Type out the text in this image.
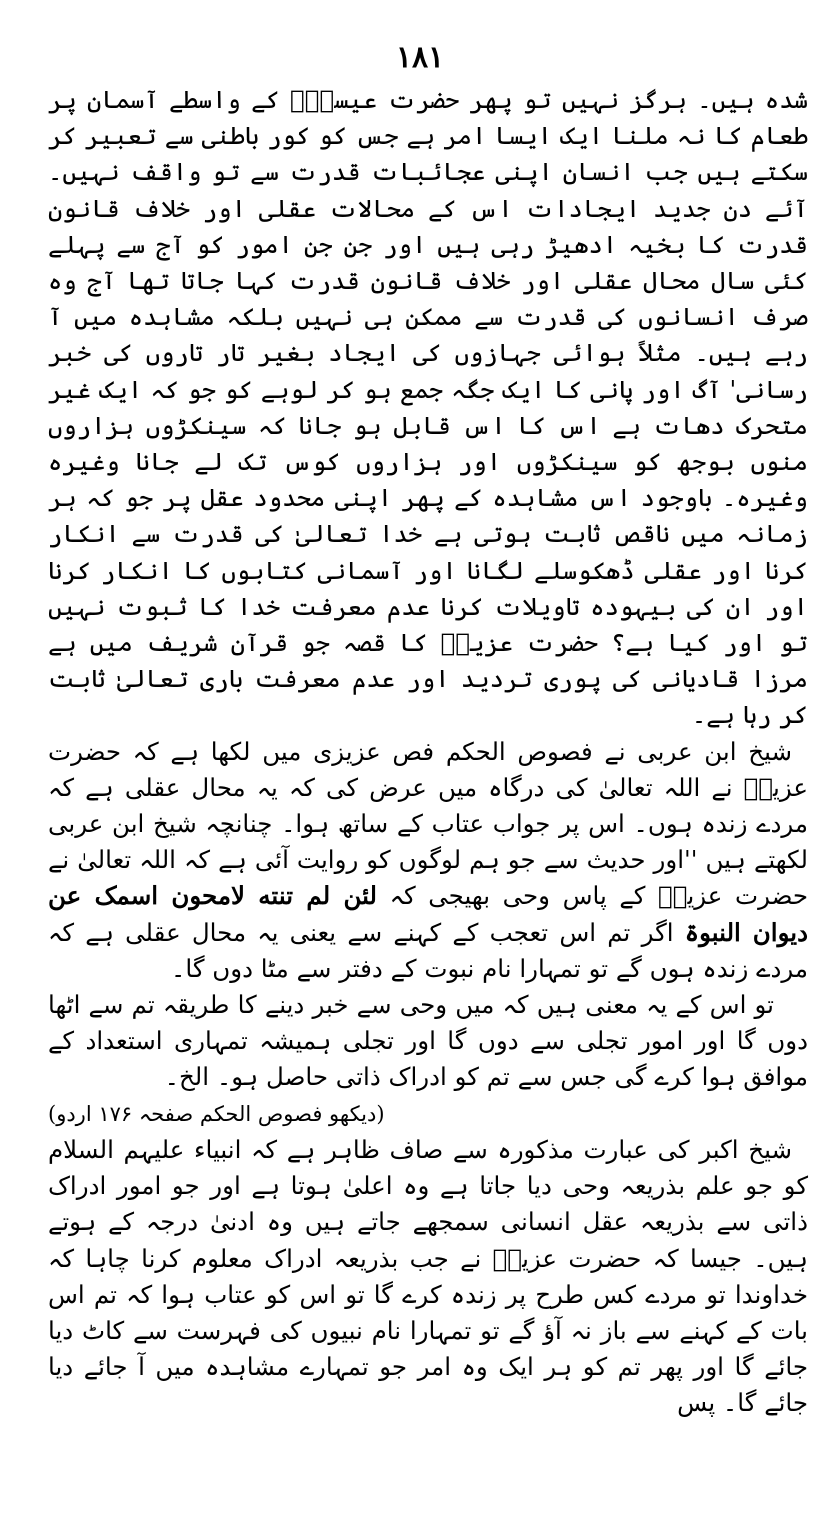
۱۸۱

شدہ ہیں۔ ہرگز نہیں تو پھر حضرت عیسیٰؑ کے واسطے آسمان پر طعام کا نہ ملنا ایک ایسا امر ہے جس کو کور باطنی سے تعبیر کر سکتے ہیں جب انسان اپنی عجائبات قدرت سے تو واقف نہیں۔ آئے دن جدید ایجادات اس کے محالات عقلی اور خلاف قانون قدرت کا بخیہ ادھیڑ رہی ہیں اور جن جن امور کو آج سے پہلے کئی سال محال عقلی اور خلاف قانون قدرت کہا جاتا تھا آج وہ صرف انسانوں کی قدرت سے ممکن ہی نہیں بلکہ مشاہدہ میں آ رہے ہیں۔ مثلاً ہوائی جہازوں کی ایجاد بغیر تار تاروں کی خبر رسانی' آگ اور پانی کا ایک جگہ جمع ہو کر لوہے کو جو کہ ایک غیر متحرک دھات ہے اس کا اس قابل ہو جانا کہ سینکڑوں ہزاروں منوں بوجھ کو سینکڑوں اور ہزاروں کوس تک لے جانا وغیرہ وغیرہ۔ باوجود اس مشاہدہ کے پھر اپنی محدود عقل پر جو کہ ہر زمانہ میں ناقص ثابت ہوتی ہے خدا تعالیٰ کی قدرت سے انکار کرنا اور عقلی ڈھکوسلے لگانا اور آسمانی کتابوں کا انکار کرنا اور ان کی بیہودہ تاویلات کرنا عدم معرفت خدا کا ثبوت نہیں تو اور کیا ہے؟ حضرت عزیرؑ کا قصہ جو قرآن شریف میں ہے مرزا قادیانی کی پوری تردید اور عدم معرفت باری تعالیٰ ثابت کر رہا ہے۔

شیخ ابن عربی نے فصوص الحکم فص عزیزی میں لکھا ہے کہ حضرت عزیرؑ نے اللہ تعالیٰ کی درگاہ میں عرض کی کہ یہ محال عقلی ہے کہ مردے زندہ ہوں۔ اس پر جواب عتاب کے ساتھ ہوا۔ چنانچہ شیخ ابن عربی لکھتے ہیں ''اور حدیث سے جو ہم لوگوں کو روایت آئی ہے کہ اللہ تعالیٰ نے حضرت عزیرؑ کے پاس وحی بھیجی کہ لئن لم تنته لامحون اسمک عن دیوان النبوۃ اگر تم اس تعجب کے کہنے سے یعنی یہ محال عقلی ہے کہ مردے زندہ ہوں گے تو تمہارا نام نبوت کے دفتر سے مٹا دوں گا۔

تو اس کے یہ معنی ہیں کہ میں وحی سے خبر دینے کا طریقہ تم سے اٹھا دوں گا اور امور تجلی سے دوں گا اور تجلی ہمیشہ تمہاری استعداد کے موافق ہوا کرے گی جس سے تم کو ادراک ذاتی حاصل ہو۔ الخ۔

(دیکھو فصوص الحکم صفحہ ۱۷۶ اردو)

شیخ اکبر کی عبارت مذکورہ سے صاف ظاہر ہے کہ انبیاء علیہم السلام کو جو علم بذریعہ وحی دیا جاتا ہے وہ اعلیٰ ہوتا ہے اور جو امور ادراک ذاتی سے بذریعہ عقل انسانی سمجھے جاتے ہیں وہ ادنیٰ درجہ کے ہوتے ہیں۔ جیسا کہ حضرت عزیرؑ نے جب بذریعہ ادراک معلوم کرنا چاہا کہ خداوندا تو مردے کس طرح پر زندہ کرے گا تو اس کو عتاب ہوا کہ تم اس بات کے کہنے سے باز نہ آؤ گے تو تمہارا نام نبیوں کی فہرست سے کاٹ دیا جائے گا اور پھر تم کو ہر ایک وہ امر جو تمہارے مشاہدہ میں آ جائے دیا جائے گا۔ پس
